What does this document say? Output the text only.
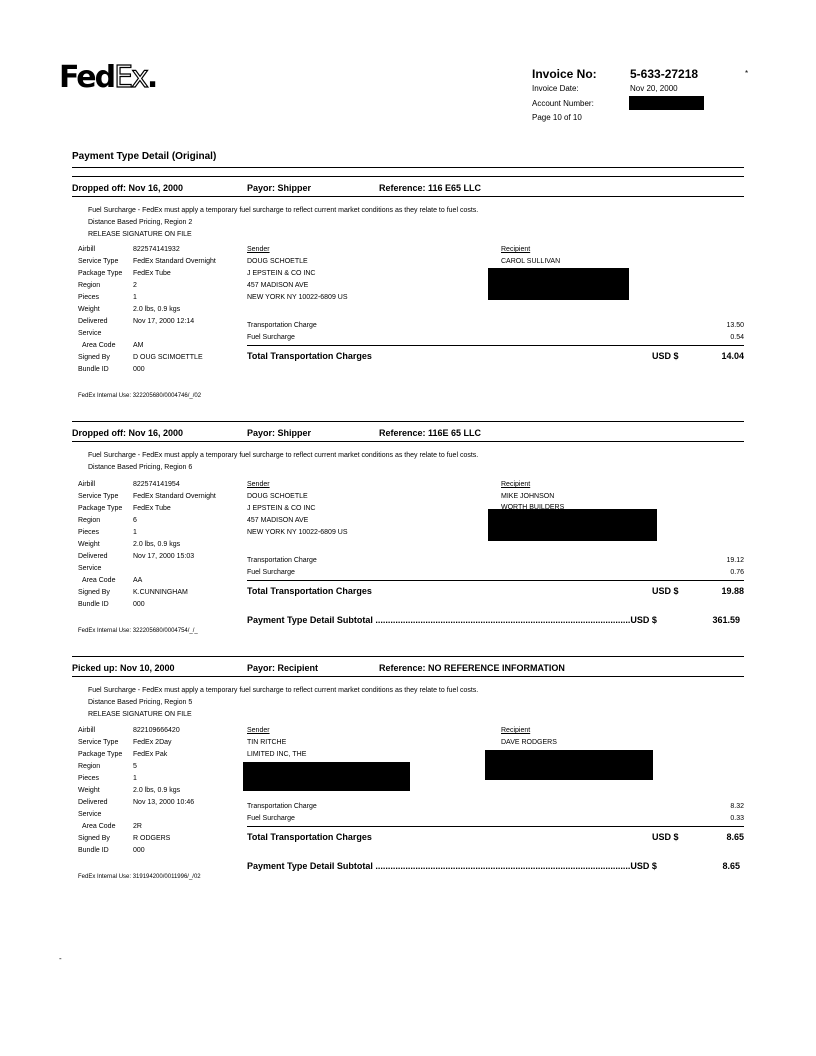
FedEx.	Invoice No:	5-633-27218	*
Invoice Date:	Nov 20, 2000
Account Number:
Page 10 of 10
Payment Type Detail (Original)
Dropped off: Nov 16, 2000	Payor: Shipper	Reference: 116 E65 LLC
Fuel Surcharge - FedEx must apply a temporary fuel surcharge to reflect current market conditions as they relate to fuel costs.
Distance Based Pricing, Region 2
RELEASE SIGNATURE ON FILE
Airbill	822574141932
Service Type FedEx Standard Overnight
Package Type FedEx Tube
Region	2
Pieces	1
Weight	2.0 lbs, 0.9 kgs
Delivered	Nov 17, 2000 12:14
Service
Area Code	AM
Signed By	D OUG SCIMOETTLE
Bundle ID	000
Sender
DOUG SCHOETLE
J EPSTEIN & CO INC
457 MADISON AVE
NEW YORK NY 10022-6809 US
Recipient
CAROL SULLIVAN
Transportation Charge	13.50
Fuel Surcharge	0.54
Total Transportation Charges	USD $	14.04
FedEx Internal Use: 322205680/0004746/_/02
Dropped off: Nov 16, 2000	Payor: Shipper	Reference: 116E 65 LLC
Fuel Surcharge - FedEx must apply a temporary fuel surcharge to reflect current market conditions as they relate to fuel costs.
Distance Based Pricing, Region 6
Airbill	822574141954
Service Type FedEx Standard Overnight
Package Type FedEx Tube
Region	6
Pieces	1
Weight	2.0 lbs, 0.9 kgs
Delivered	Nov 17, 2000 15:03
Service
Area Code	AA
Signed By	K.CUNNINGHAM
Bundle ID	000
Sender
DOUG SCHOETLE
J EPSTEIN & CO INC
457 MADISON AVE
NEW YORK NY 10022-6809 US
Recipient
MIKE JOHNSON
WORTH BUILDERS
Transportation Charge	19.12
Fuel Surcharge	0.76
Total Transportation Charges	USD $	19.88
Payment Type Detail Subtotal ......................................................................................................USD $	361.59
FedEx Internal Use: 322205680/0004754/_/_
Picked up: Nov 10, 2000	Payor: Recipient	Reference: NO REFERENCE INFORMATION
Fuel Surcharge - FedEx must apply a temporary fuel surcharge to reflect current market conditions as they relate to fuel costs.
Distance Based Pricing, Region 5
RELEASE SIGNATURE ON FILE
Airbill	822109666420
Service Type FedEx 2Day
Package Type FedEx Pak
Region	5
Pieces	1
Weight	2.0 lbs, 0.9 kgs
Delivered	Nov 13, 2000 10:46
Service
Area Code	2R
Signed By	R ODGERS
Bundle ID	000
Sender
TIN RITCHE
LIMITED INC, THE
Recipient
DAVE RODGERS
Transportation Charge	8.32
Fuel Surcharge	0.33
Total Transportation Charges	USD $	8.65
Payment Type Detail Subtotal ......................................................................................................USD $	8.65
FedEx Internal Use: 319194200/0011996/_/02
-
